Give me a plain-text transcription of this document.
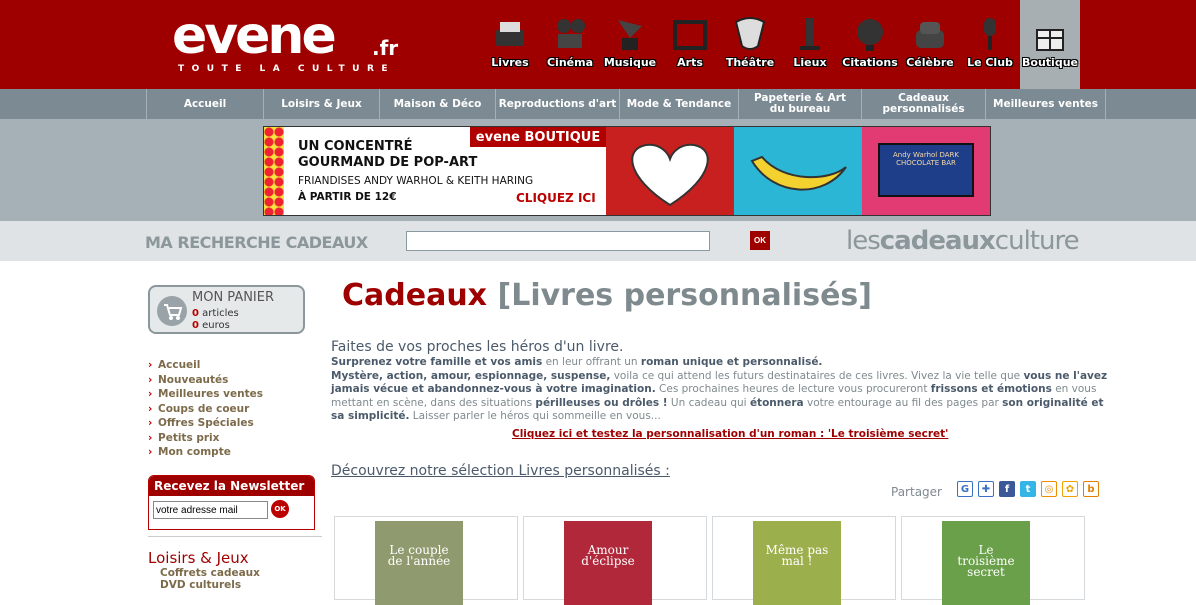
evene .fr
TOUTE LA CULTURE	Livres	Cinéma Musique	Arts	Théâtre	Lieux	Citations Célèbre	Le Club Boutique
Accueil	Loisirs & Jeux	Maison & Déco	Reproductions d'art Mode & Tendance	Papeterie & Art du bureau
Cadeaux personnalisés	Meilleures ventes
UN CONCENTRÉ
GOURMAND DE POP-ART
FRIANDISES ANDY WARHOL & KEITH HARING
À PARTIR DE 12€	CLIQUEZ ICI
evene BOUTIQUE
Andy Warhol DARK CHOCOLATE BAR
MA RECHERCHE CADEAUX	OK	lescadeauxculture
MON PANIER
0 articles
0 euros
› Accueil
› Nouveautés
› Meilleures ventes
› Coups de coeur
› Offres Spéciales
› Petits prix
› Mon compte
Recevez la Newsletter
votre adresse mail
OK
Loisirs & Jeux
Coffrets cadeaux
DVD culturels
Cadeaux [Livres personnalisés]
Faites de vos proches les héros d'un livre.
Surprenez votre famille et vos amis en leur offrant un roman unique et personnalisé.
Mystère, action, amour, espionnage, suspense, voila ce qui attend les futurs destinataires de ces livres. Vivez la vie telle que vous ne l'avez jamais vécue et abandonnez-vous à votre imagination. Ces prochaines heures de lecture vous procureront frissons et émotions en vous mettant en scène, dans des situations périlleuses ou drôles ! Un cadeau qui étonnera votre entourage au fil des pages par son originalité et sa simplicité. Laisser parler le héros qui sommeille en vous...
Cliquez ici et testez la personnalisation d'un roman : 'Le troisième secret'
Découvrez notre sélection Livres personnalisés :
Partager	G	✚	f	t	◎	✿	b
Le couple de l'année
Amour d'éclipse
Même pas mal !
Le troisième secret
